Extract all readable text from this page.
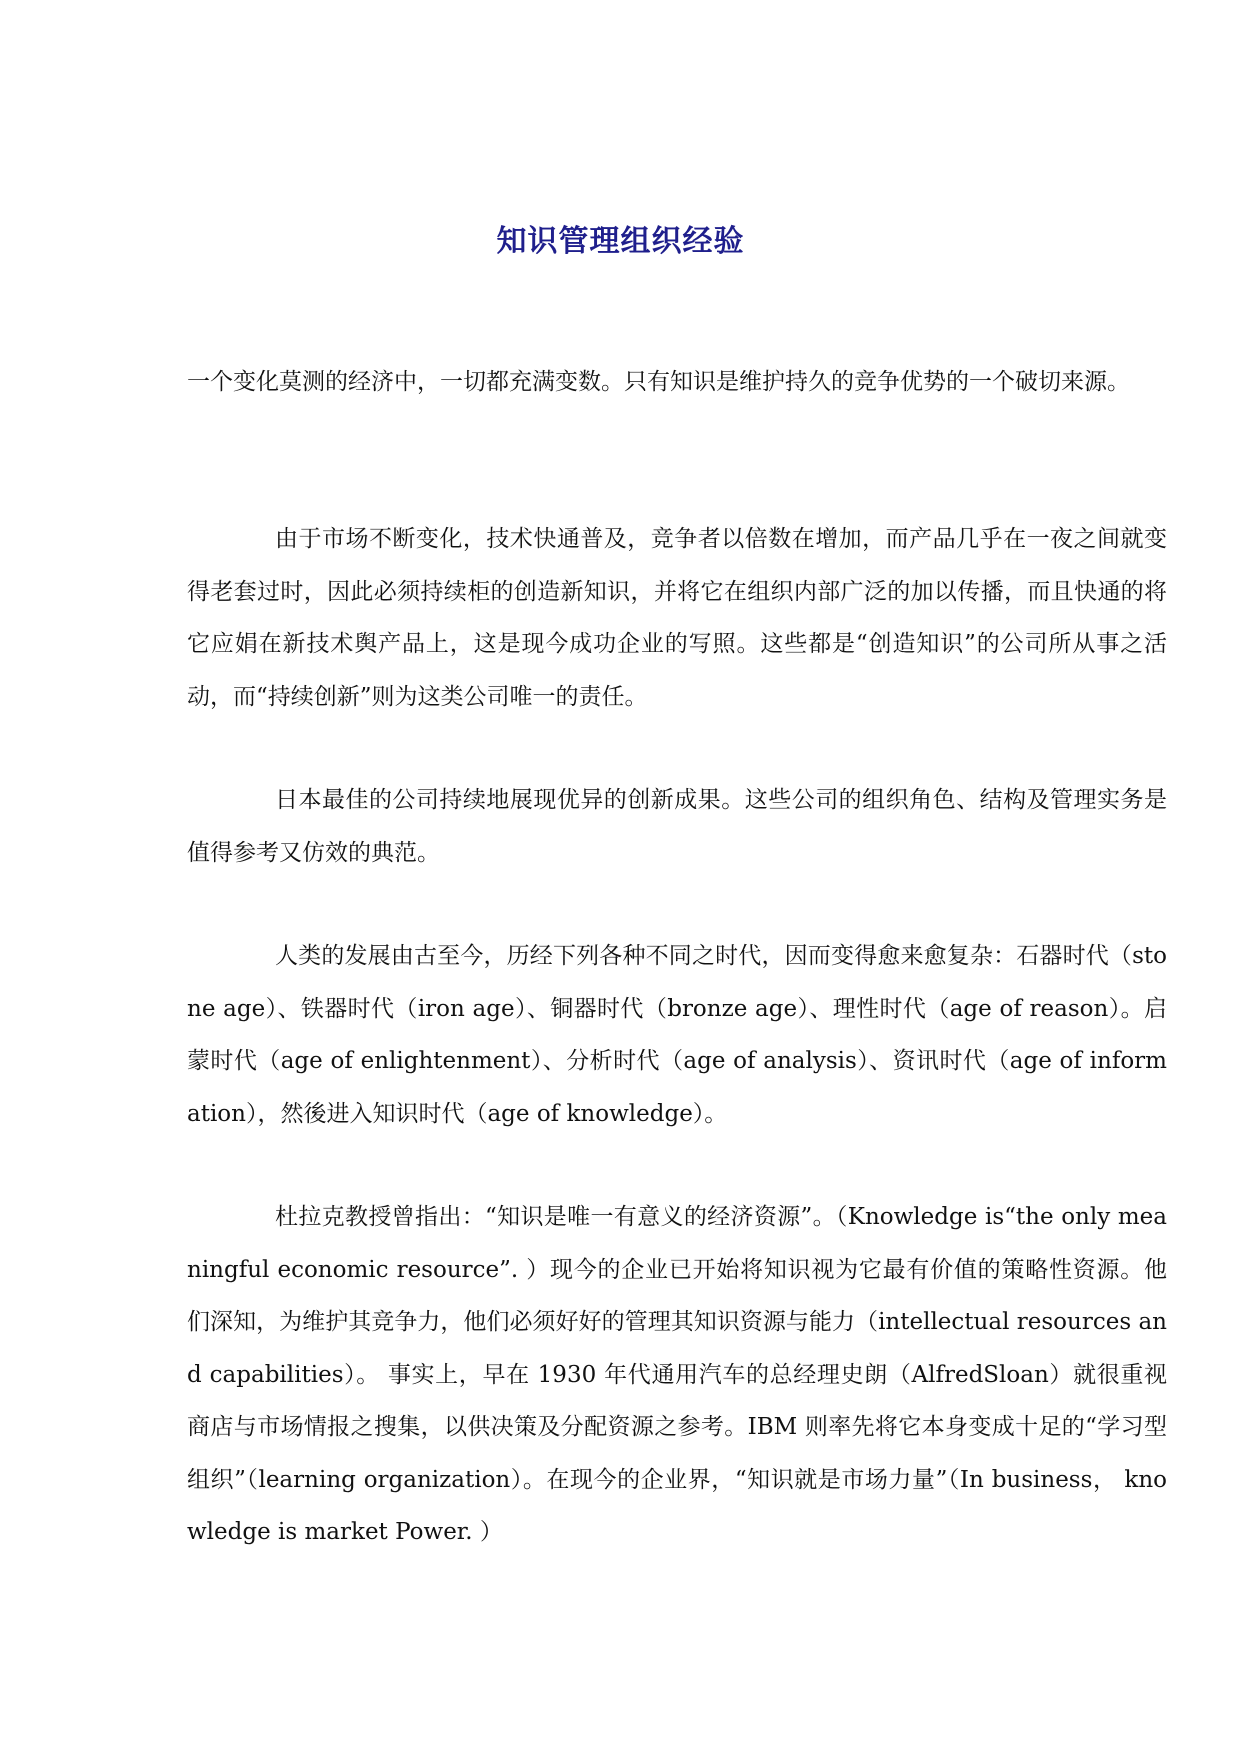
知识管理组织经验

一个变化莫测的经济中，一切都充满变数。只有知识是维护持久的竞争优势的一个破切来源。

由于市场不断变化，技术快通普及，竞争者以倍数在增加，而产品几乎在一夜之间就变得老套过时，因此必须持续柜的创造新知识，并将它在组织内部广泛的加以传播，而且快通的将它应娟在新技术舆产品上，这是现今成功企业的写照。这些都是“创造知识”的公司所从事之活动，而“持续创新”则为这类公司唯一的责任。

日本最佳的公司持续地展现优异的创新成果。这些公司的组织角色、结构及管理实务是值得参考又仿效的典范。

人类的发展由古至今，历经下列各种不同之时代，因而变得愈来愈复杂：石器时代（stone age）、铁器时代（iron age）、铜器时代（bronze age）、理性时代（age of reason）。启蒙时代（age of enlightenment）、分析时代（age of analysis）、资讯时代（age of information），然後进入知识时代（age of knowledge）。

杜拉克教授曾指出：“知识是唯一有意义的经济资源”。（Knowledge is“the only meaningful economic resource”. ）现今的企业已开始将知识视为它最有价值的策略性资源。他们深知，为维护其竞争力，他们必须好好的管理其知识资源与能力（intellectual resources and capabilities）。 事实上，早在 1930 年代通用汽车的总经理史朗（AlfredSloan）就很重视商店与市场情报之搜集，以供决策及分配资源之参考。IBM 则率先将它本身变成十足的“学习型组织”（learning organization）。在现今的企业界，“知识就是市场力量”（In business， knowledge is market Power. ）
